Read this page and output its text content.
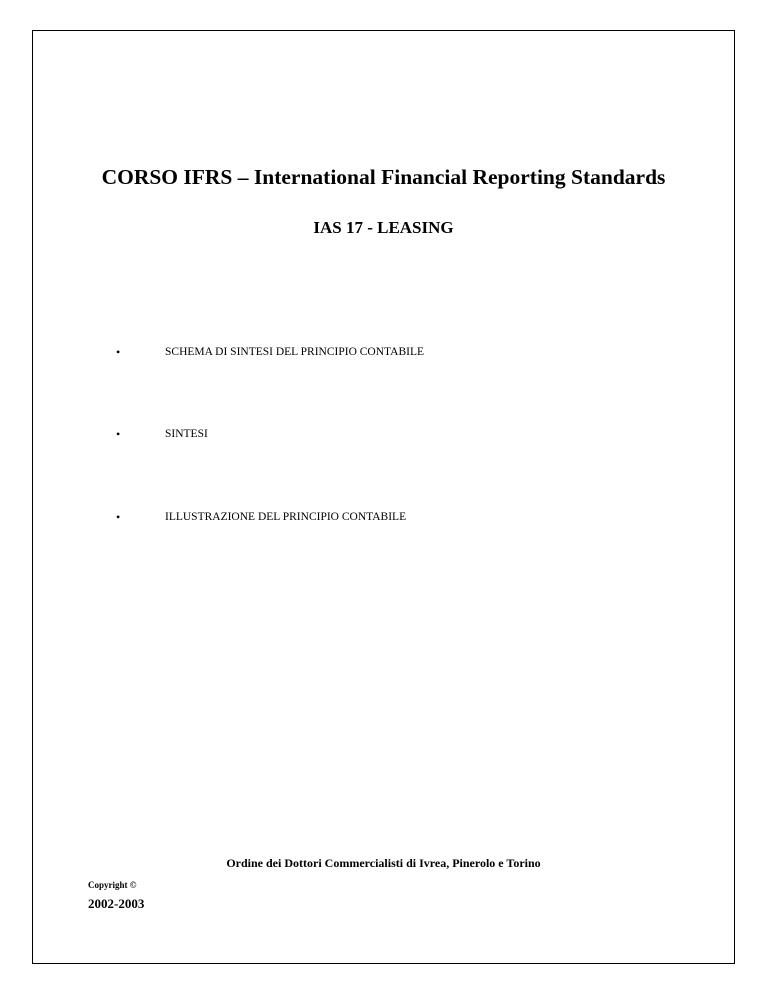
CORSO IFRS – International Financial Reporting Standards
IAS 17 - LEASING
•	SCHEMA DI SINTESI DEL PRINCIPIO CONTABILE
•	SINTESI
•	ILLUSTRAZIONE DEL PRINCIPIO CONTABILE
Ordine dei Dottori Commercialisti di Ivrea, Pinerolo e Torino
Copyright ©
2002-2003
